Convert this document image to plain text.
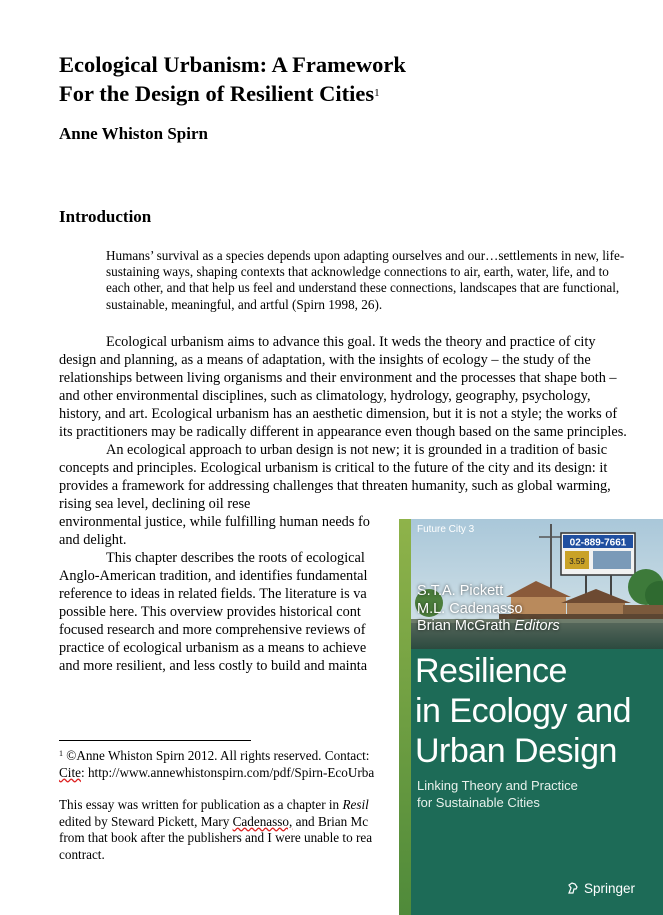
Ecological Urbanism: A Framework
For the Design of Resilient Cities$^1$
Anne Whiston Spirn
Introduction

Humans’ survival as a species depends upon adapting ourselves and our…settlements in new, life-sustaining ways, shaping contexts that acknowledge connections to air, earth, water, life, and to each other, and that help us feel and understand these connections, landscapes that are functional, sustainable, meaningful, and artful (Spirn 1998, 26).

Ecological urbanism aims to advance this goal. It weds the theory and practice of city design and planning, as a means of adaptation, with the insights of ecology – the study of the relationships between living organisms and their environment and the processes that shape both – and other environmental disciplines, such as climatology, hydrology, geography, psychology, history, and art. Ecological urbanism has an aesthetic dimension, but it is not a style; the works of its practitioners may be radically different in appearance even though based on the same principles.

An ecological approach to urban design is not new; it is grounded in a tradition of basic concepts and principles. Ecological urbanism is critical to the future of the city and its design: it provides a framework for addressing challenges that threaten humanity, such as global warming, rising sea level, declining oil rese
environmental justice, while fulfilling human needs fo
and delight.

This chapter describes the roots of ecological
Anglo-American tradition, and identifies fundamental
reference to ideas in related fields. The literature is va
possible here. This overview provides historical cont
focused research and more comprehensive reviews of
practice of ecological urbanism as a means to achieve
and more resilient, and less costly to build and mainta

$^1$ ©Anne Whiston Spirn 2012. All rights reserved. Contact:
Cite: http://www.annewhistonspirn.com/pdf/Spirn-EcoUrba

This essay was written for publication as a chapter in Resil
edited by Steward Pickett, Mary Cadenasso, and Brian Mc
from that book after the publishers and I were unable to rea
contract.

02-889-7661
3.59
Future City 3
S.T.A. Pickett
M.L. Cadenasso
Brian McGrath Editors
Resilience
in Ecology and
Urban Design
Linking Theory and Practice
for Sustainable Cities
Springer
